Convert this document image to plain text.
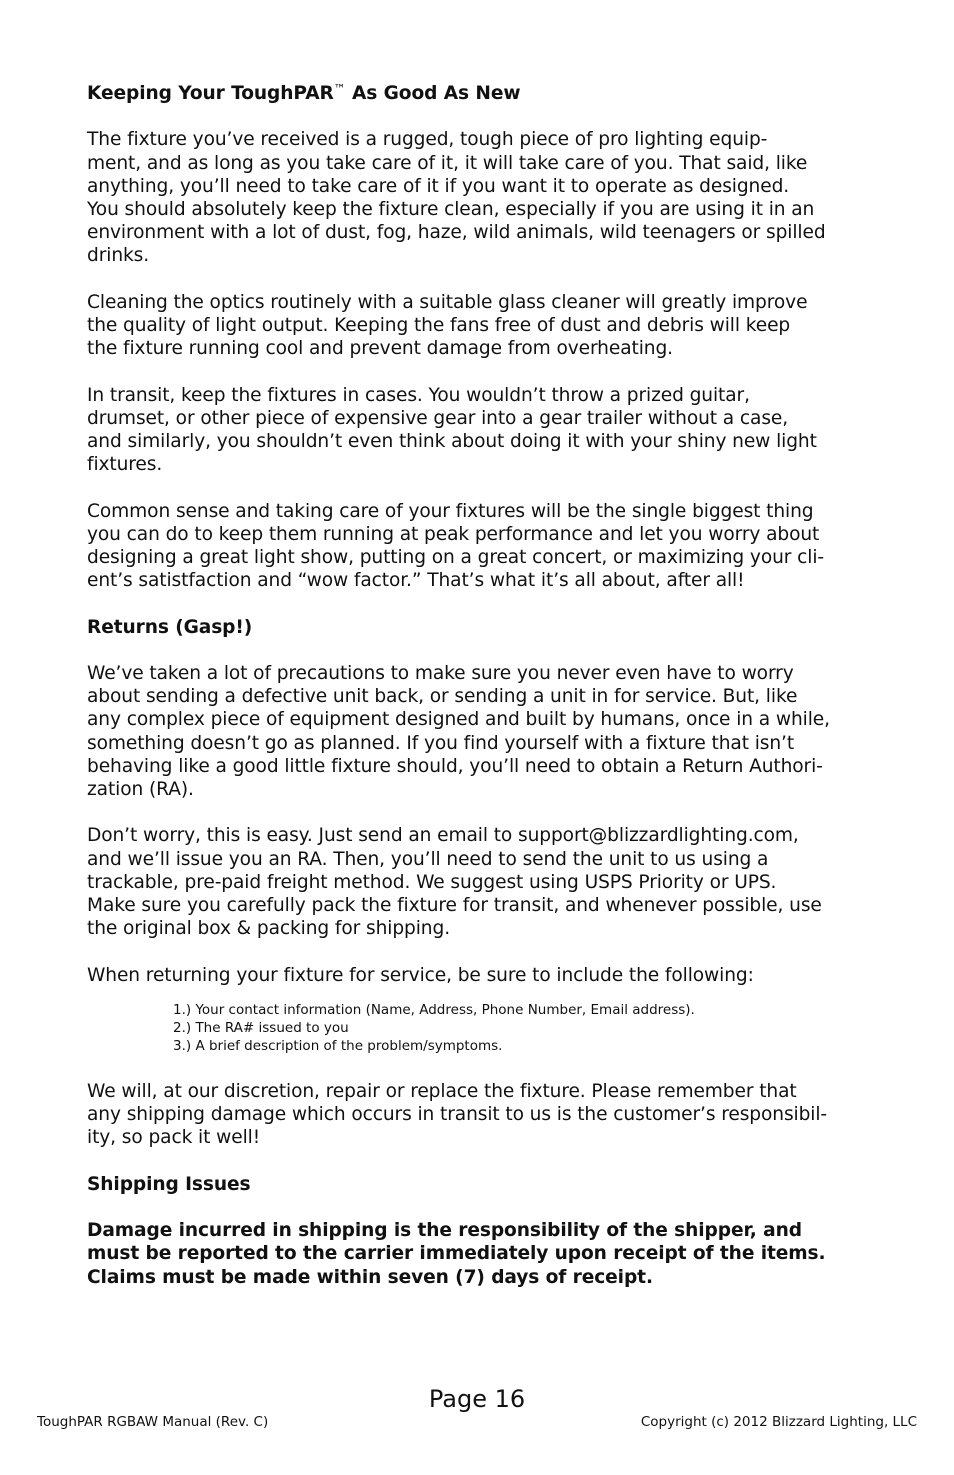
Keeping Your ToughPAR™ As Good As New

The fixture you’ve received is a rugged, tough piece of pro lighting equip-
ment, and as long as you take care of it, it will take care of you. That said, like
anything, you’ll need to take care of it if you want it to operate as designed.
You should absolutely keep the fixture clean, especially if you are using it in an
environment with a lot of dust, fog, haze, wild animals, wild teenagers or spilled
drinks.

Cleaning the optics routinely with a suitable glass cleaner will greatly improve
the quality of light output. Keeping the fans free of dust and debris will keep
the fixture running cool and prevent damage from overheating.

In transit, keep the fixtures in cases. You wouldn’t throw a prized guitar,
drumset, or other piece of expensive gear into a gear trailer without a case,
and similarly, you shouldn’t even think about doing it with your shiny new light
fixtures.

Common sense and taking care of your fixtures will be the single biggest thing
you can do to keep them running at peak performance and let you worry about
designing a great light show, putting on a great concert, or maximizing your cli-
ent’s satistfaction and “wow factor.” That’s what it’s all about, after all!

Returns (Gasp!)

We’ve taken a lot of precautions to make sure you never even have to worry
about sending a defective unit back, or sending a unit in for service. But, like
any complex piece of equipment designed and built by humans, once in a while,
something doesn’t go as planned. If you find yourself with a fixture that isn’t
behaving like a good little fixture should, you’ll need to obtain a Return Authori-
zation (RA).

Don’t worry, this is easy. Just send an email to support@blizzardlighting.com,
and we’ll issue you an RA. Then, you’ll need to send the unit to us using a
trackable, pre-paid freight method. We suggest using USPS Priority or UPS.
Make sure you carefully pack the fixture for transit, and whenever possible, use
the original box & packing for shipping.

When returning your fixture for service, be sure to include the following:

1.) Your contact information (Name, Address, Phone Number, Email address).
2.) The RA# issued to you
3.) A brief description of the problem/symptoms.

We will, at our discretion, repair or replace the fixture. Please remember that
any shipping damage which occurs in transit to us is the customer’s responsibil-
ity, so pack it well!

Shipping Issues

Damage incurred in shipping is the responsibility of the shipper, and
must be reported to the carrier immediately upon receipt of the items.
Claims must be made within seven (7) days of receipt.

Page 16
ToughPAR RGBAW Manual (Rev. C)	Copyright (c) 2012 Blizzard Lighting, LLC
